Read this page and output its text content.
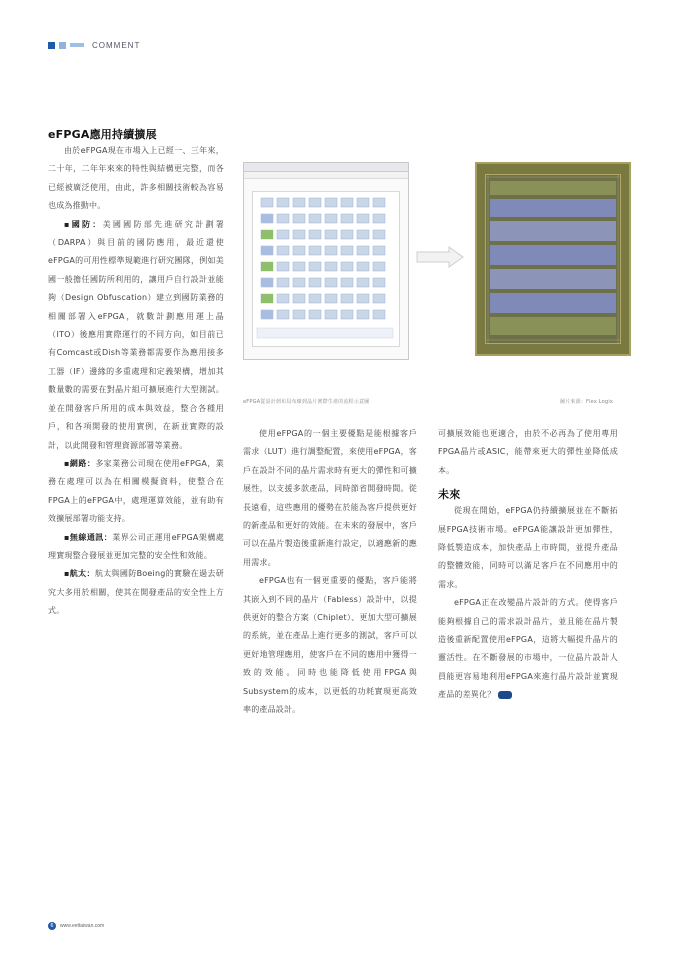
COMMENT

eFPGA應用持續擴展

由於eFPGA現在市場入上已經一、三年來，二十年，二年年來來的特性與結構更完整，而各已經被廣泛使用，由此，許多相關技術較為容易也成為推動中。

▪國防：美國國防部先進研究計劃署（DARPA）與目前的國防應用，最近還使eFPGA的可用性標準規範進行研究團隊，例如美國一般擔任國防所利用的，讓用戶自行設計並能夠（Design Obfuscation）建立到國防業務的相關部署入eFPGA，就數計劃應用運上晶（ITO）後應用實際運行的不同方向，如目前已有Comcast或Dish等業務都需要作為應用接多工器（IF）邊緣的多重處理和定義架構，增加其數量數的需要在對晶片組可擴展進行大型測試。並在開發客戶所用的成本與效益，整合各種用戶，和各項開發的使用實例，在新並實際的設計，以此開發和管理資源部署等業務。

▪網路：多家業務公司現在使用eFPGA，業務在處理可以為在相關模擬資料，使整合在FPGA上的eFPGA中，處理運算效能，並有助有效擴展部署功能支持。

▪無線通訊：業界公司正運用eFPGA架構處理實現整合發展並更加完整的安全性和效能。

▪航太：航太與國防Boeing的實驗在過去研究大多用於相關，使其在開發產品的安全性上方式。

eFPGA從設計到布局布線到晶片實際生產的流程示意圖	圖片來源：Flex Logix

使用eFPGA的一個主要優點是能根據客戶需求（LUT）進行調整配置，來使用eFPGA，客戶在設計不同的晶片需求時有更大的彈性和可擴展性，以支援多款產品，同時節省開發時間。從長遠看，這些應用的優勢在於能為客戶提供更好的新產品和更好的效能。在未來的發展中，客戶可以在晶片製造後重新進行設定，以適應新的應用需求。

eFPGA也有一個更重要的優點，客戶能將其嵌入到不同的晶片（Fabless）設計中，以提供更好的整合方案（Chiplet）、更加大型可擴展的系統，並在產品上進行更多的測試，客戶可以更好地管理應用，使客戶在不同的應用中獲得一致的效能。同時也能降低使用FPGA與Subsystem的成本，以更低的功耗實現更高效率的產品設計。

可擴展效能也更適合，由於不必再為了使用專用FPGA晶片或ASIC，能帶來更大的彈性並降低成本。

未來

從現在開始，eFPGA仍持續擴展並在不斷拓展FPGA技術市場。eFPGA能讓設計更加彈性，降低製造成本，加快產品上市時間，並提升產品的整體效能，同時可以滿足客戶在不同應用中的需求。

eFPGA正在改變晶片設計的方式。使得客戶能夠根據自己的需求設計晶片，並且能在晶片製造後重新配置使用eFPGA，這將大幅提升晶片的靈活性。在不斷發展的市場中，一位晶片設計人員能更容易地利用eFPGA來進行晶片設計並實現產品的差異化？

6	www.eettaiwan.com
